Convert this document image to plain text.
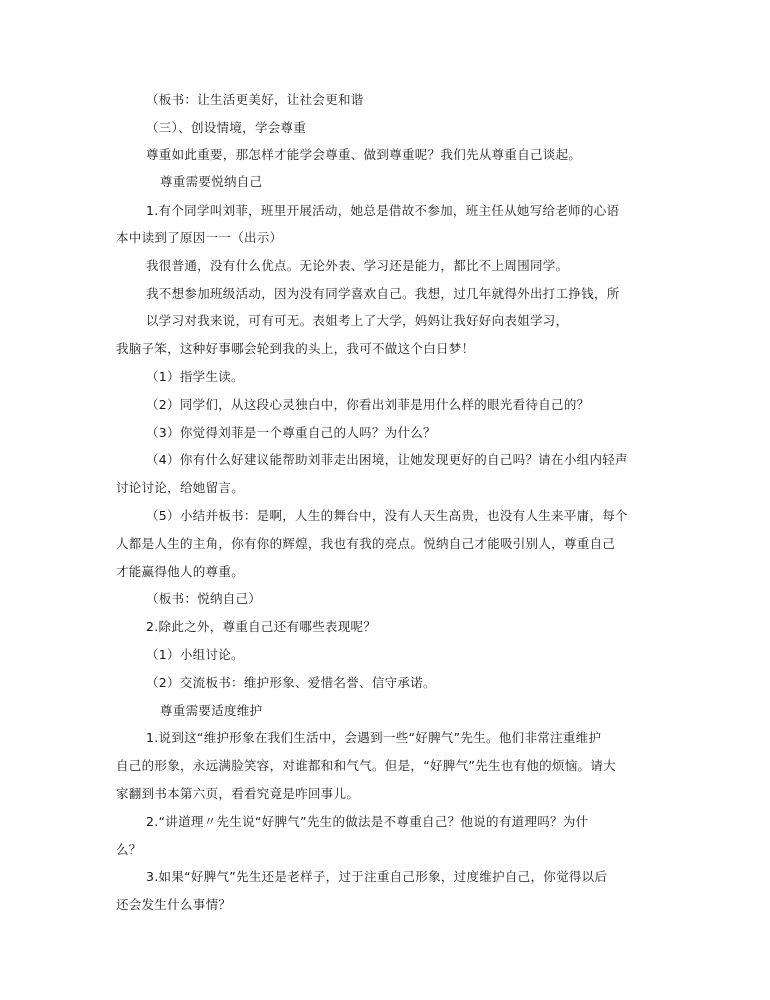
（板书：让生活更美好，让社会更和谐
（三）、创设情境，学会尊重
尊重如此重要，那怎样才能学会尊重、做到尊重呢？我们先从尊重自己谈起。
尊重需要悦纳自己
1.有个同学叫刘菲，班里开展活动，她总是借故不参加，班主任从她写给老师的心语
本中读到了原因一一（出示）
我很普通，没有什么优点。无论外表、学习还是能力，都比不上周围同学。
我不想参加班级活动，因为没有同学喜欢自己。我想，过几年就得外出打工挣钱，所
以学习对我来说，可有可无。表姐考上了大学，妈妈让我好好向表姐学习，
我脑子笨，这种好事哪会轮到我的头上，我可不做这个白日梦！
（1）指学生读。
（2）同学们，从这段心灵独白中，你看出刘菲是用什么样的眼光看待自己的？
（3）你觉得刘菲是一个尊重自己的人吗？为什么？
（4）你有什么好建议能帮助刘菲走出困境，让她发现更好的自己吗？请在小组内轻声
讨论讨论，给她留言。
（5）小结并板书：是啊，人生的舞台中，没有人天生高贵，也没有人生来平庸，每个
人都是人生的主角，你有你的辉煌，我也有我的亮点。悦纳自己才能吸引别人，尊重自己
才能赢得他人的尊重。
（板书：悦纳自己）
2.除此之外，尊重自己还有哪些表现呢？
（1）小组讨论。
（2）交流板书：维护形象、爱惜名誉、信守承诺。
尊重需要适度维护
1.说到这“维护形象在我们生活中，会遇到一些“好脾气”先生。他们非常注重维护
自己的形象，永远满脸笑容，对谁都和和气气。但是，“好脾气”先生也有他的烦恼。请大
家翻到书本第六页，看看究竟是咋回事儿。
2.“讲道理〃先生说“好脾气”先生的做法是不尊重自己？他说的有道理吗？为什
么？
3.如果“好脾气”先生还是老样子，过于注重自己形象，过度维护自己，你觉得以后
还会发生什么事情？
